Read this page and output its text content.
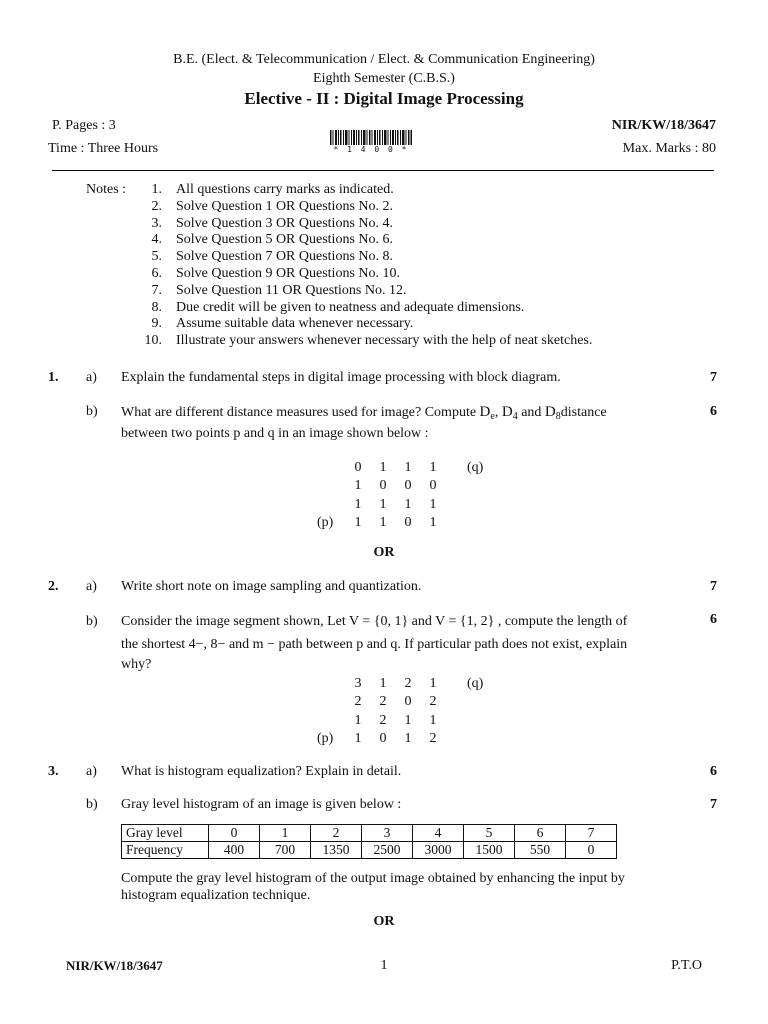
B.E. (Elect. & Telecommunication / Elect. & Communication Engineering)
Eighth Semester (C.B.S.)
Elective - II : Digital Image Processing
P. Pages : 3	NIR/KW/18/3647
Time : Three Hours	Max. Marks : 80
* 1 4 0 0 *
Notes :	1. All questions carry marks as indicated.
2. Solve Question 1 OR Questions No. 2.
3. Solve Question 3 OR Questions No. 4.
4. Solve Question 5 OR Questions No. 6.
5. Solve Question 7 OR Questions No. 8.
6. Solve Question 9 OR Questions No. 10.
7. Solve Question 11 OR Questions No. 12.
8. Due credit will be given to neatness and adequate dimensions.
9. Assume suitable data whenever necessary.
10. Illustrate your answers whenever necessary with the help of neat sketches.
1. a) Explain the fundamental steps in digital image processing with block diagram.	7
b) What are different distance measures used for image? Compute $D_e$, $D_4$ and $D_8distance$	6
between two points p and q in an image shown below :
0	1	1	1
1	0	0	0
1	1	1	1
1	1	0	1
(q)
(p)
OR
2. a) Write short note on image sampling and quantization.	7
b) Consider the image segment shown, Let V = {0, 1} and V = {1, 2} , compute the length of	6
the shortest 4−, 8− and m − path between p and q. If particular path does not exist, explain
why?
3	1	2	1
2	2	0	2
1	2	1	1
1	0	1	2
(q)
(p)
3. a) What is histogram equalization? Explain in detail.	6
b) Gray level histogram of an image is given below :	7
Gray level	0	1	2	3	4	5	6	7
Frequency	400	700	1350	2500	3000	1500	550	0
Compute the gray level histogram of the output image obtained by enhancing the input by
histogram equalization technique.
OR
NIR/KW/18/3647	1	P.T.O
